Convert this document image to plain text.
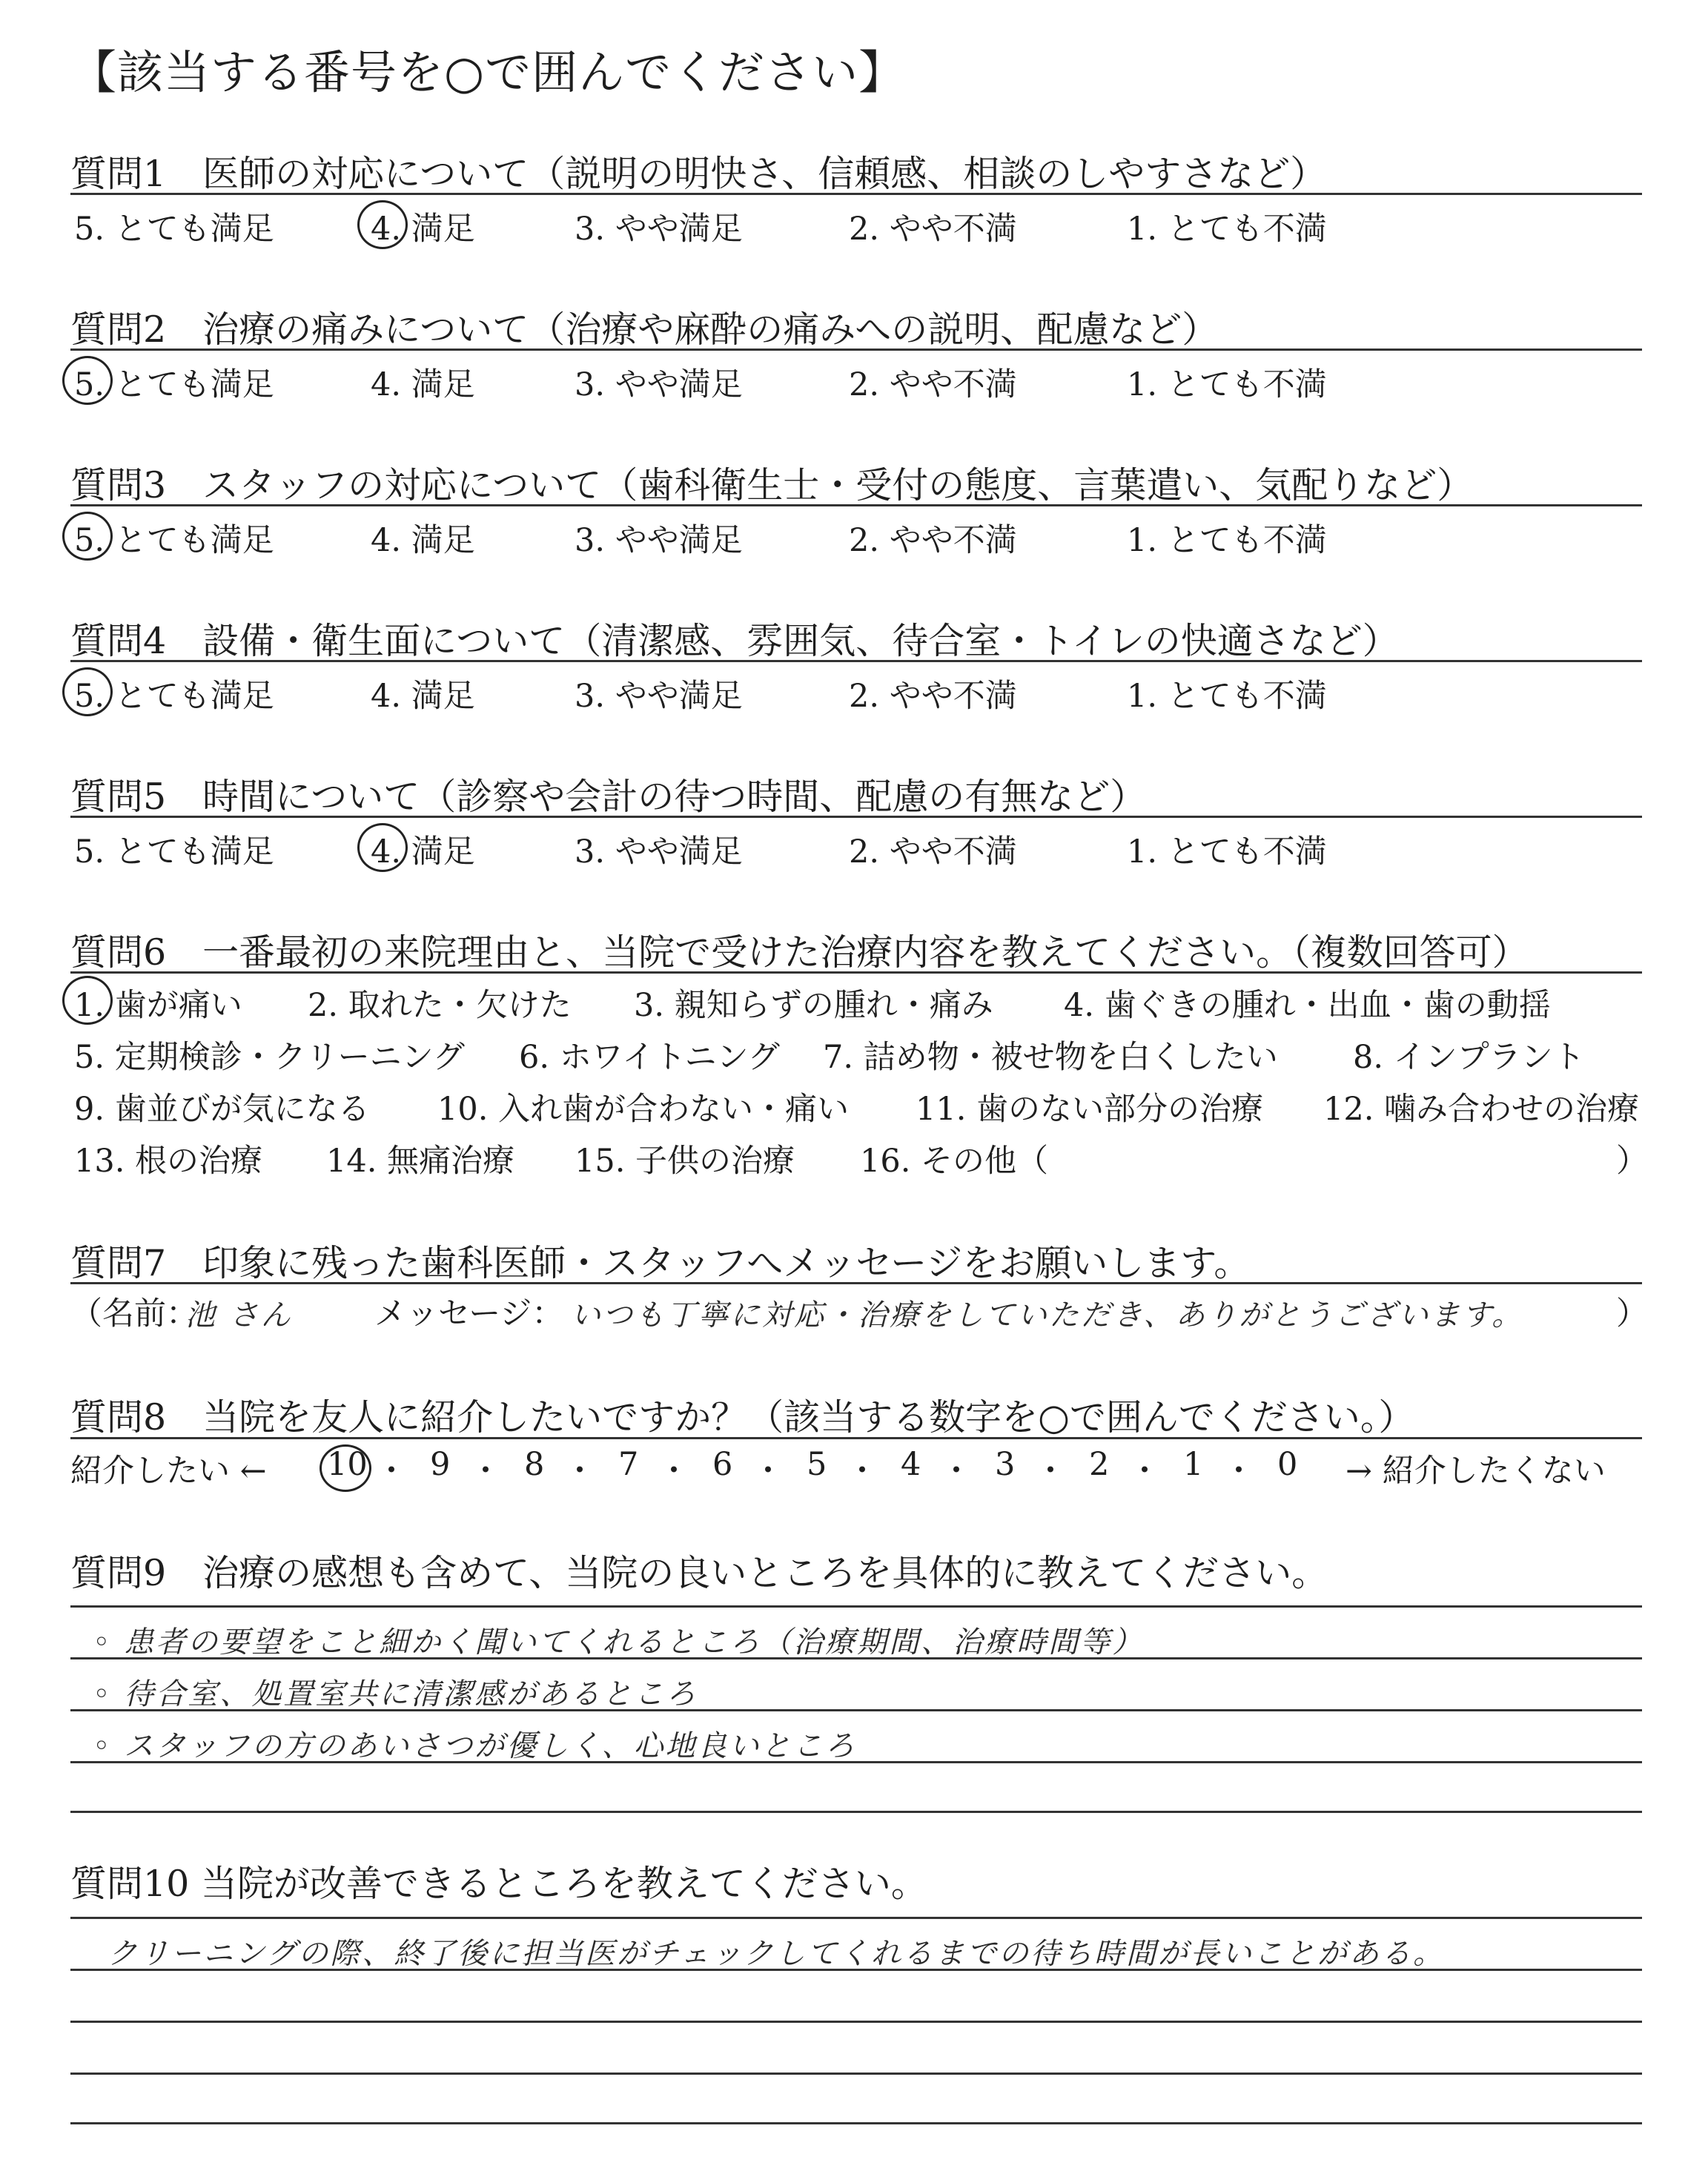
【該当する番号を○で囲んでください】
質問1　医師の対応について（説明の明快さ、信頼感、相談のしやすさなど）
5. とても満足	4. 満足	3. やや満足	2. やや不満	1. とても不満
質問2　治療の痛みについて（治療や麻酔の痛みへの説明、配慮など）
5. とても満足	4. 満足	3. やや満足	2. やや不満	1. とても不満
質問3　スタッフの対応について（歯科衛生士・受付の態度、言葉遣い、気配りなど）
5. とても満足	4. 満足	3. やや満足	2. やや不満	1. とても不満
質問4　設備・衛生面について（清潔感、雰囲気、待合室・トイレの快適さなど）
5. とても満足	4. 満足	3. やや満足	2. やや不満	1. とても不満
質問5　時間について（診察や会計の待つ時間、配慮の有無など）
5. とても満足	4. 満足	3. やや満足	2. やや不満	1. とても不満
質問6　一番最初の来院理由と、当院で受けた治療内容を教えてください。（複数回答可）
1. 歯が痛い 2. 取れた・欠けた 3. 親知らずの腫れ・痛み 4. 歯ぐきの腫れ・出血・歯の動揺
5. 定期検診・クリーニング 6. ホワイトニング 7. 詰め物・被せ物を白くしたい 8. インプラント
9. 歯並びが気になる 10. 入れ歯が合わない・痛い 11. 歯のない部分の治療 12. 噛み合わせの治療
13. 根の治療 14. 無痛治療 15. 子供の治療 16. その他（	）
質問7　印象に残った歯科医師・スタッフへメッセージをお願いします。
（名前：
池 さん	メッセージ： いつも丁寧に対応・治療をしていただき、ありがとうございます。	）
質問8　当院を友人に紹介したいですか？（該当する数字を○で囲んでください。）
紹介したい ←	→ 紹介したくない
10 ・ 9 ・ 8 ・ 7 ・ 6 ・ 5 ・ 4 ・ 3 ・ 2 ・ 1 ・ 0
質問9　治療の感想も含めて、当院の良いところを具体的に教えてください。
◦ 患者の要望をこと細かく聞いてくれるところ（治療期間、治療時間等）
◦ 待合室、処置室共に清潔感があるところ
◦ スタッフの方のあいさつが優しく、心地良いところ
質問10 当院が改善できるところを教えてください。
クリーニングの際、終了後に担当医がチェックしてくれるまでの待ち時間が長いことがある。
